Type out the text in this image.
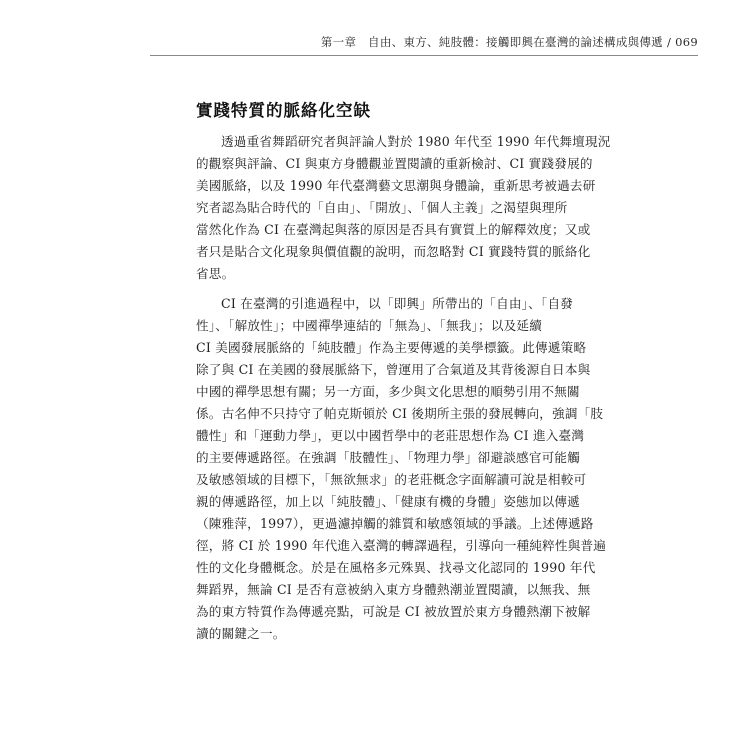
第一章　自由、東方、純肢體：接觸即興在臺灣的論述構成與傳遞 / 069
實踐特質的脈絡化空缺

透過重省舞蹈研究者與評論人對於 1980 年代至 1990 年代舞壇現況
的觀察與評論、CI 與東方身體觀並置閱讀的重新檢討、CI 實踐發展的
美國脈絡，以及 1990 年代臺灣藝文思潮與身體論，重新思考被過去研
究者認為貼合時代的「自由」、「開放」、「個人主義」之渴望與理所
當然化作為 CI 在臺灣起與落的原因是否具有實質上的解釋效度；又或
者只是貼合文化現象與價值觀的說明，而忽略對 CI 實踐特質的脈絡化
省思。

CI 在臺灣的引進過程中，以「即興」所帶出的「自由」、「自發
性」、「解放性」；中國禪學連結的「無為」、「無我」；以及延續
CI 美國發展脈絡的「純肢體」作為主要傳遞的美學標籤。此傳遞策略
除了與 CI 在美國的發展脈絡下，曾運用了合氣道及其背後源自日本與
中國的禪學思想有關；另一方面，多少與文化思想的順勢引用不無關
係。古名伸不只持守了帕克斯頓於 CI 後期所主張的發展轉向，強調「肢
體性」和「運動力學」，更以中國哲學中的老莊思想作為 CI 進入臺灣
的主要傳遞路徑。在強調「肢體性」、「物理力學」卻避談感官可能觸
及敏感領域的目標下，「無欲無求」的老莊概念字面解讀可說是相較可
親的傳遞路徑，加上以「純肢體」、「健康有機的身體」姿態加以傳遞
（陳雅萍，1997），更過濾掉觸的雜質和敏感領域的爭議。上述傳遞路
徑，將 CI 於 1990 年代進入臺灣的轉譯過程，引導向一種純粹性與普遍
性的文化身體概念。於是在風格多元殊異、找尋文化認同的 1990 年代
舞蹈界，無論 CI 是否有意被納入東方身體熱潮並置閱讀，以無我、無
為的東方特質作為傳遞亮點，可說是 CI 被放置於東方身體熱潮下被解
讀的關鍵之一。
